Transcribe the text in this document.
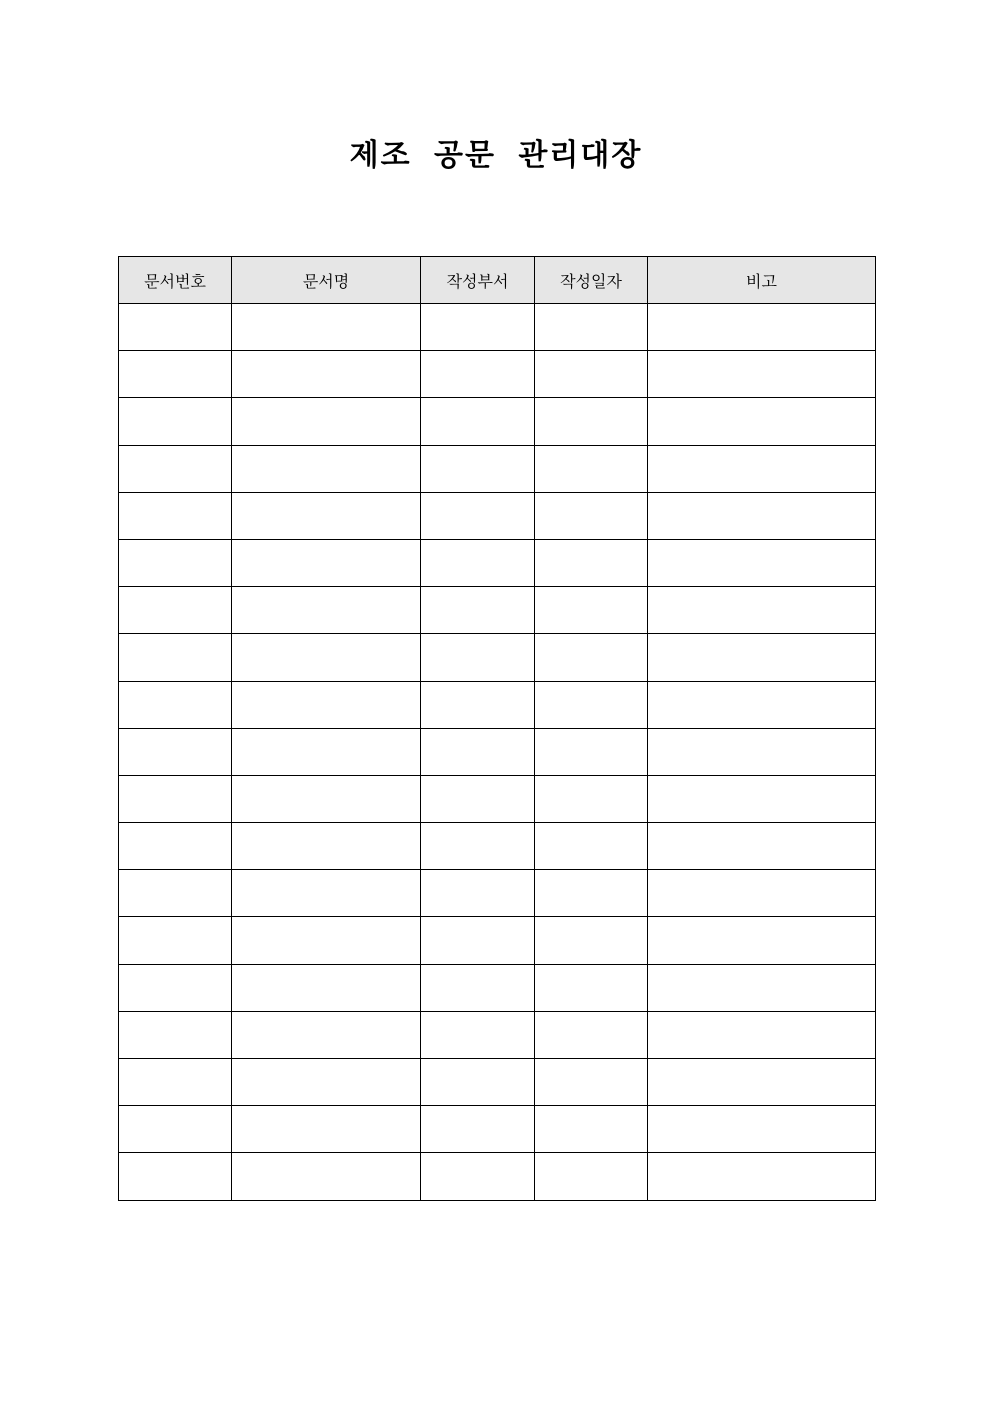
제조 공문 관리대장
문서번호	문서명	작성부서	작성일자	비고
